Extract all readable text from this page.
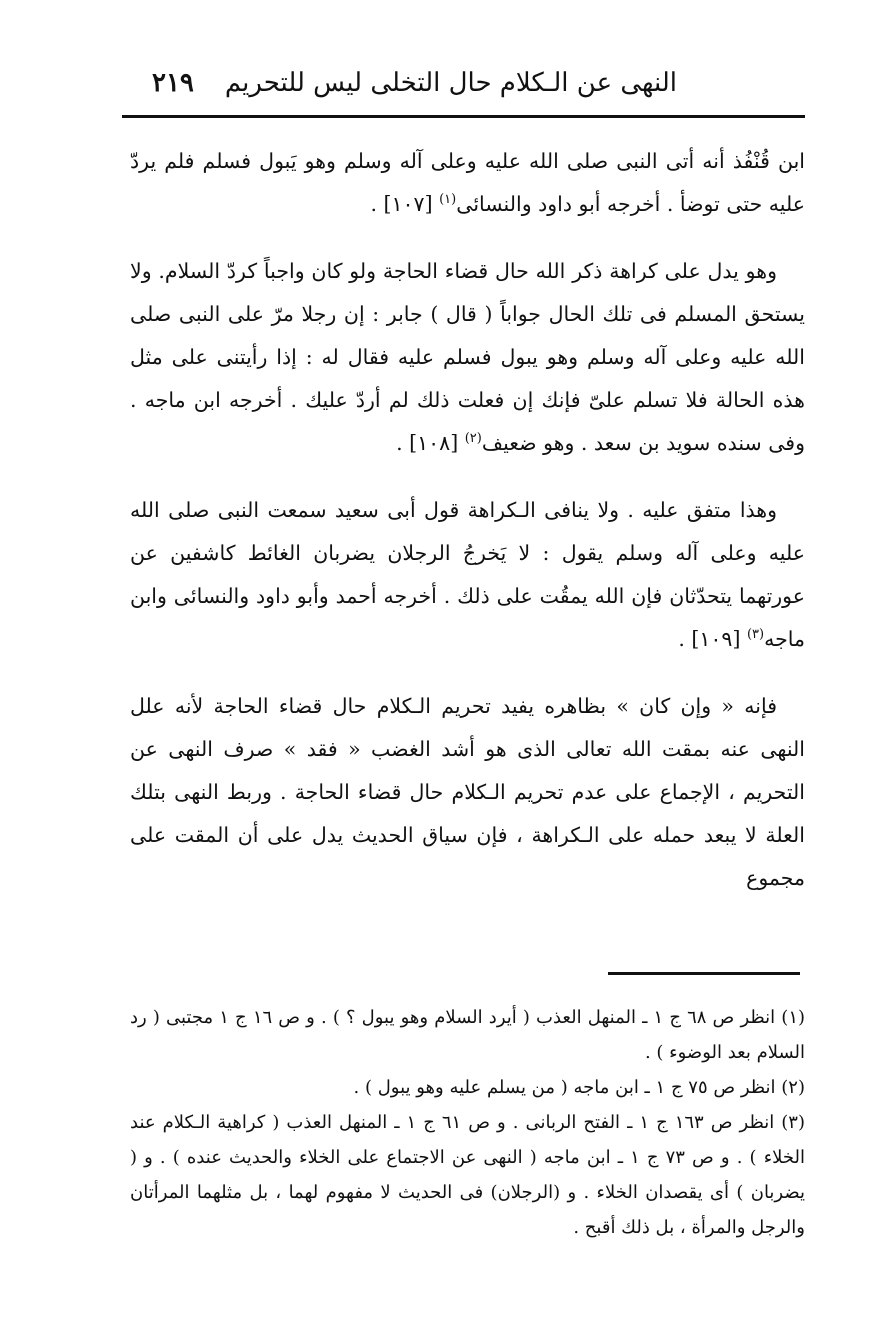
النهى عن الـكلام حال التخلى ليس للتحريم
٢١٩

ابن قُنْفُذ أنه أتى النبى صلى الله عليه وعلى آله وسلم وهو يَبول فسلم فلم يردّ عليه حتى توضأ . أخرجه أبو داود والنسائى$^{(١)}$ [١٠٧] .

وهو يدل على كراهة ذكر الله حال قضاء الحاجة ولو كان واجباً كردّ السلام. ولا يستحق المسلم فى تلك الحال جواباً ( قال ) جابر : إن رجلا مرّ على النبى صلى الله عليه وعلى آله وسلم وهو يبول فسلم عليه فقال له : إذا رأيتنى على مثل هذه الحالة فلا تسلم علىّ فإنك إن فعلت ذلك لم أردّ عليك . أخرجه ابن ماجه . وفى سنده سويد بن سعد . وهو ضعيف$^{(٢)}$ [١٠٨] .

وهذا متفق عليه . ولا ينافى الـكراهة قول أبى سعيد سمعت النبى صلى الله عليه وعلى آله وسلم يقول : لا يَخرجُ الرجلان يضربان الغائط كاشفين عن عورتهما يتحدّثان فإن الله يمقُت على ذلك . أخرجه أحمد وأبو داود والنسائى وابن ماجه$^{(٣)}$ [١٠٩] .

فإنه « وإن كان » بظاهره يفيد تحريم الـكلام حال قضاء الحاجة لأنه علل النهى عنه بمقت الله تعالى الذى هو أشد الغضب « فقد » صرف النهى عن التحريم ، الإجماع على عدم تحريم الـكلام حال قضاء الحاجة . وربط النهى بتلك العلة لا يبعد حمله على الـكراهة ، فإن سياق الحديث يدل على أن المقت على مجموع

(١) انظر ص ٦٨ ج ١ ـ المنهل العذب ( أيرد السلام وهو يبول ؟ ) . و ص ١٦ ج ١ مجتبى ( رد السلام بعد الوضوء ) .

(٢) انظر ص ٧٥ ج ١ ـ ابن ماجه ( من يسلم عليه وهو يبول ) .

(٣) انظر ص ١٦٣ ج ١ ـ الفتح الربانى . و ص ٦١ ج ١ ـ المنهل العذب ( كراهية الـكلام عند الخلاء ) . و ص ٧٣ ج ١ ـ ابن ماجه ( النهى عن الاجتماع على الخلاء والحديث عنده ) . و ( يضربان ) أى يقصدان الخلاء . و (الرجلان) فى الحديث لا مفهوم لهما ، بل مثلهما المرأتان والرجل والمرأة ، بل ذلك أقبح .
